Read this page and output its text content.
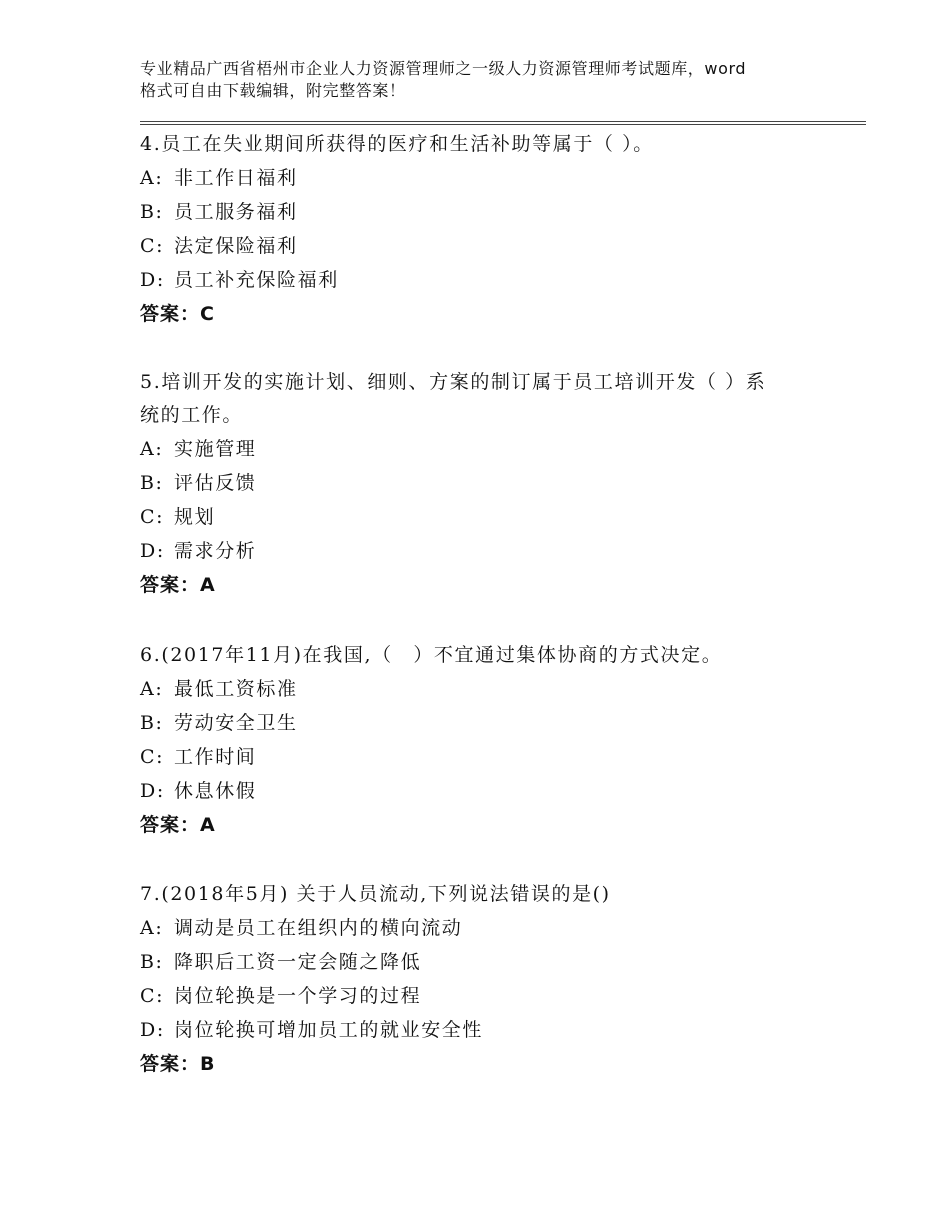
专业精品广西省梧州市企业人力资源管理师之一级人力资源管理师考试题库，word
格式可自由下载编辑，附完整答案！

4.员工在失业期间所获得的医疗和生活补助等属于（ ）。

A: 非工作日福利
B: 员工服务福利
C: 法定保险福利
D: 员工补充保险福利
答案：C

5.培训开发的实施计划、细则、方案的制订属于员工培训开发（ ）系
统的工作。

A: 实施管理
B: 评估反馈
C: 规划
D: 需求分析
答案：A

6.(2017年11月)在我国,（　）不宜通过集体协商的方式决定。

A: 最低工资标准
B: 劳动安全卫生
C: 工作时间
D: 休息休假
答案：A

7.(2018年5月) 关于人员流动,下列说法错误的是()

A: 调动是员工在组织内的横向流动
B: 降职后工资一定会随之降低
C: 岗位轮换是一个学习的过程
D: 岗位轮换可增加员工的就业安全性
答案：B
